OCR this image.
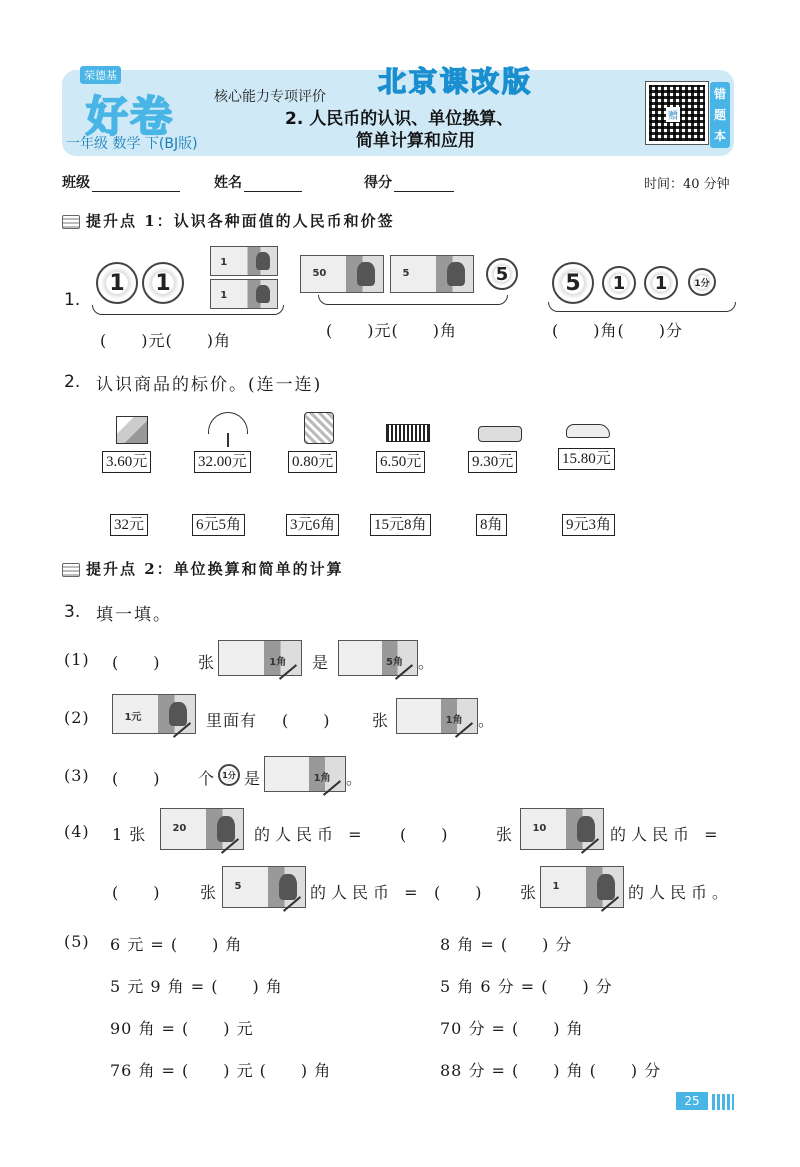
荣德基
好卷
一年级 数学 下(BJ版)
核心能力专项评价 北京课改版
2. 人民币的认识、单位换算、
简单计算和应用
赠
错题本
班级	姓名	得分	时间：40 分钟
提升点 1：认识各种面值的人民币和价签
1.
1	1
1
1
(　　)元(　　)角
50	5	5
(　　)元(　　)角
5	1	1	1分
(　　)角(　　)分
2. 认识商品的标价。(连一连)
3.60元	32.00元	0.80元	6.50元	9.30元	15.80元
32元	6元5角	3元6角	15元8角	8角	9元3角
提升点 2：单位换算和简单的计算
3. 填一填。
(1) (　　) 张	1角 是	5角 。
(2)	1元	里面有 (　　)	张	1角 。
(3) (　　) 个 1分 是	1角 。
(4) 1 张	20	的人民币 = (　　)	张 10	的人民币 =
(　　) 张 5	的人民币 = (　　) 张 1	的人民币。
(5) 6 元 = (　　) 角	8 角 = (　　) 分
5 元 9 角 = (　　) 角	5 角 6 分 = (　　) 分
90 角 = (　　) 元	70 分 = (　　) 角
76 角 = (　　) 元 (　　) 角	88 分 = (　　) 角 (　　) 分
25
